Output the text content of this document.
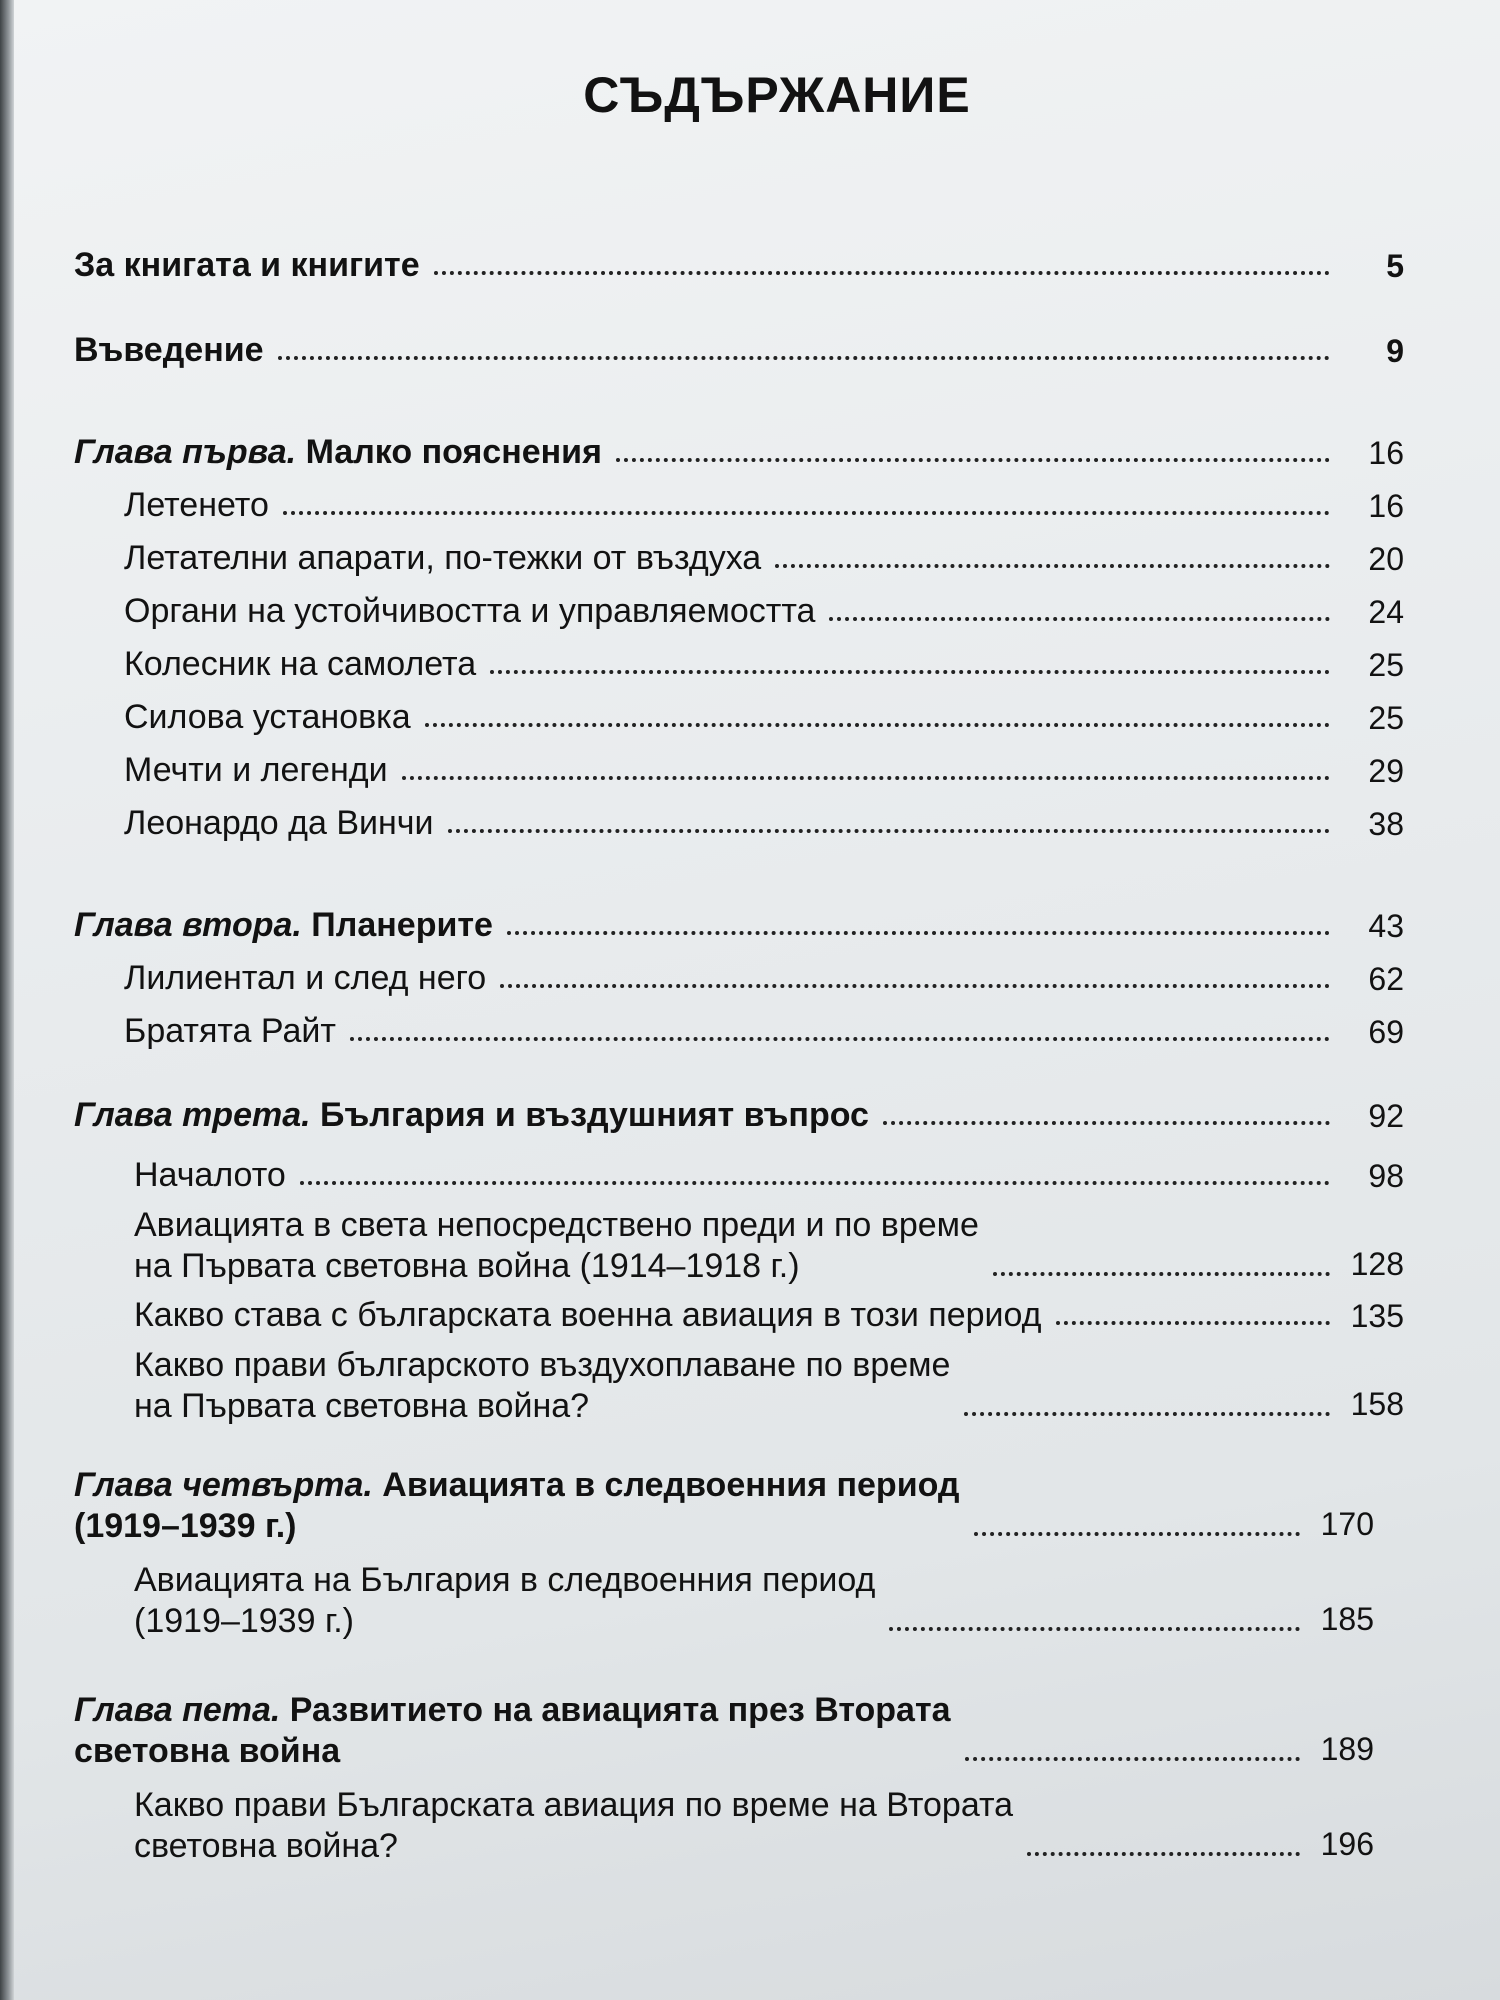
СЪДЪРЖАНИЕ
За книгата и книгите	5
Въведение	9
Глава първа. Малко пояснения	16
Летенето	16
Летателни апарати, по-тежки от въздуха	20
Органи на устойчивостта и управляемостта	24
Колесник на самолета	25
Силова установка	25
Мечти и легенди	29
Леонардо да Винчи	38
Глава втора. Планерите	43
Лилиентал и след него	62
Братята Райт	69
Глава трета. България и въздушният въпрос	92
Началото	98
Авиацията в света непосредствено преди и по време
на Първата световна война (1914–1918 г.)	128
Какво става с българската военна авиация в този период	135
Какво прави българското въздухоплаване по време
на Първата световна война?	158
Глава четвърта. Авиацията в следвоенния период
(1919–1939 г.)	170
Авиацията на България в следвоенния период
(1919–1939 г.)	185
Глава пета. Развитието на авиацията през Втората
световна война	189
Какво прави Българската авиация по време на Втората
световна война?	196
